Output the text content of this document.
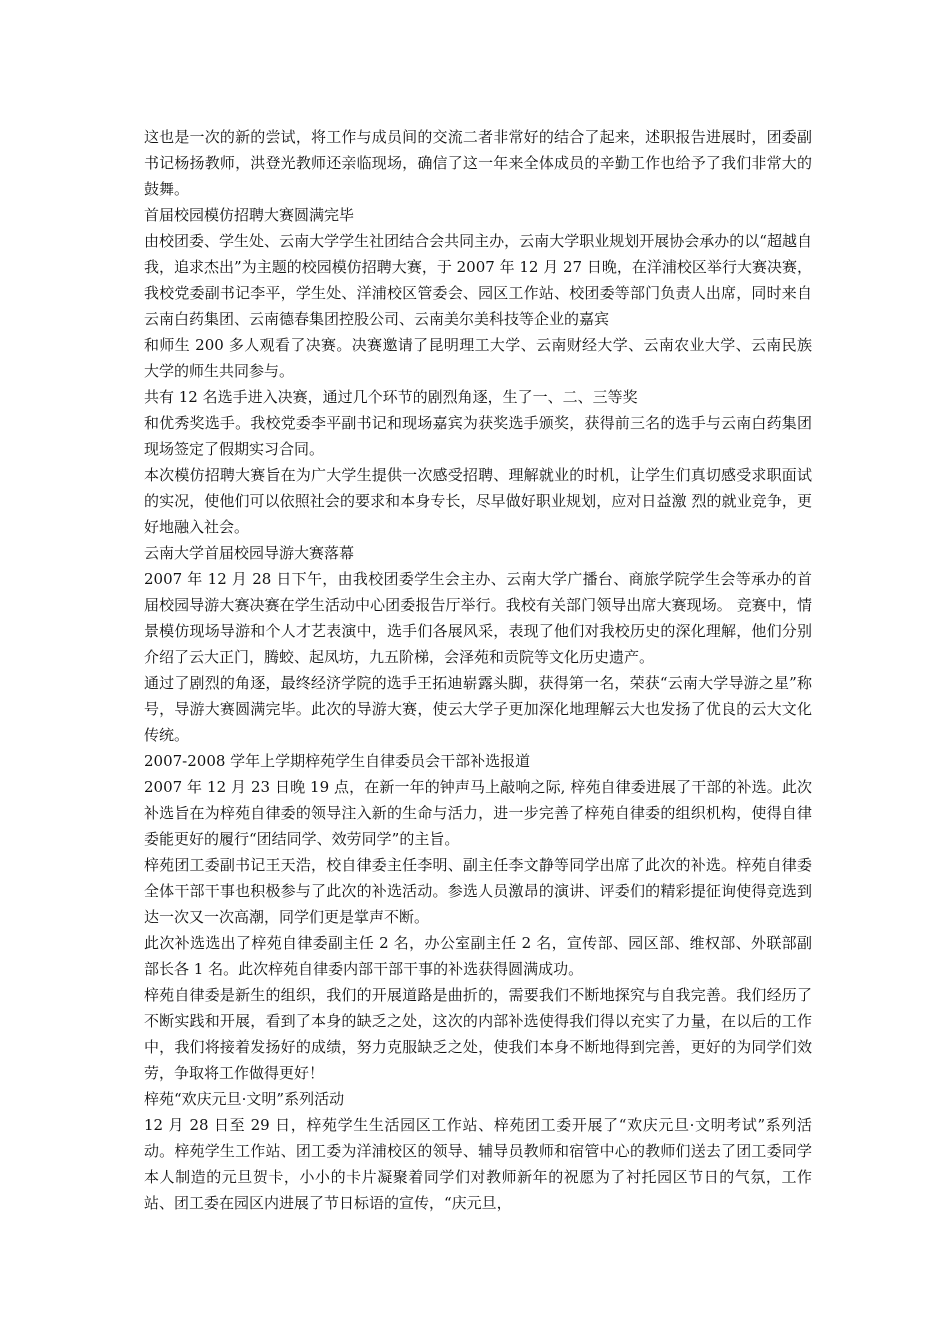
这也是一次的新的尝试，将工作与成员间的交流二者非常好的结合了起来，述职报告进展时，团委副书记杨扬教师，洪登光教师还亲临现场，确信了这一年来全体成员的辛勤工作也给予了我们非常大的鼓舞。

首届校园模仿招聘大赛圆满完毕

由校团委、学生处、云南大学学生社团结合会共同主办，云南大学职业规划开展协会承办的以“超越自我，追求杰出”为主题的校园模仿招聘大赛，于 2007 年 12 月 27 日晚，在洋浦校区举行大赛决赛，我校党委副书记李平，学生处、洋浦校区管委会、园区工作站、校团委等部门负责人出席，同时来自云南白药集团、云南德春集团控股公司、云南美尔美科技等企业的嘉宾

和师生 200 多人观看了决赛。决赛邀请了昆明理工大学、云南财经大学、云南农业大学、云南民族大学的师生共同参与。

共有 12 名选手进入决赛，通过几个环节的剧烈角逐，生了一、二、三等奖

和优秀奖选手。我校党委李平副书记和现场嘉宾为获奖选手颁奖，获得前三名的选手与云南白药集团现场签定了假期实习合同。

本次模仿招聘大赛旨在为广大学生提供一次感受招聘、理解就业的时机，让学生们真切感受求职面试的实况，使他们可以依照社会的要求和本身专长，尽早做好职业规划，应对日益激 烈的就业竞争，更好地融入社会。

云南大学首届校园导游大赛落幕

2007 年 12 月 28 日下午，由我校团委学生会主办、云南大学广播台、商旅学院学生会等承办的首届校园导游大赛决赛在学生活动中心团委报告厅举行。我校有关部门领导出席大赛现场。 竞赛中，情景模仿现场导游和个人才艺表演中，选手们各展风采，表现了他们对我校历史的深化理解，他们分别介绍了云大正门，腾蛟、起凤坊，九五阶梯，会泽苑和贡院等文化历史遗产。

通过了剧烈的角逐，最终经济学院的选手王拓迪崭露头脚，获得第一名，荣获“云南大学导游之星”称号，导游大赛圆满完毕。此次的导游大赛，使云大学子更加深化地理解云大也发扬了优良的云大文化传统。

2007-2008 学年上学期梓苑学生自律委员会干部补选报道

2007 年 12 月 23 日晚 19 点，在新一年的钟声马上敲响之际, 梓苑自律委进展了干部的补选。此次补选旨在为梓苑自律委的领导注入新的生命与活力，进一步完善了梓苑自律委的组织机构，使得自律委能更好的履行“团结同学、效劳同学”的主旨。

梓苑团工委副书记王天浩，校自律委主任李明、副主任李文静等同学出席了此次的补选。梓苑自律委全体干部干事也积极参与了此次的补选活动。参选人员激昂的演讲、评委们的精彩提征询使得竞选到达一次又一次高潮，同学们更是掌声不断。

此次补选选出了梓苑自律委副主任 2 名，办公室副主任 2 名，宣传部、园区部、维权部、外联部副部长各 1 名。此次梓苑自律委内部干部干事的补选获得圆满成功。

梓苑自律委是新生的组织，我们的开展道路是曲折的，需要我们不断地探究与自我完善。我们经历了不断实践和开展，看到了本身的缺乏之处，这次的内部补选使得我们得以充实了力量，在以后的工作中，我们将接着发扬好的成绩，努力克服缺乏之处，使我们本身不断地得到完善，更好的为同学们效劳，争取将工作做得更好！

梓苑“欢庆元旦·文明”系列活动

12 月 28 日至 29 日，梓苑学生生活园区工作站、梓苑团工委开展了“欢庆元旦·文明考试”系列活动。梓苑学生工作站、团工委为洋浦校区的领导、辅导员教师和宿管中心的教师们送去了团工委同学本人制造的元旦贺卡，小小的卡片凝聚着同学们对教师新年的祝愿为了衬托园区节日的气氛，工作站、团工委在园区内进展了节日标语的宣传，“庆元旦，
